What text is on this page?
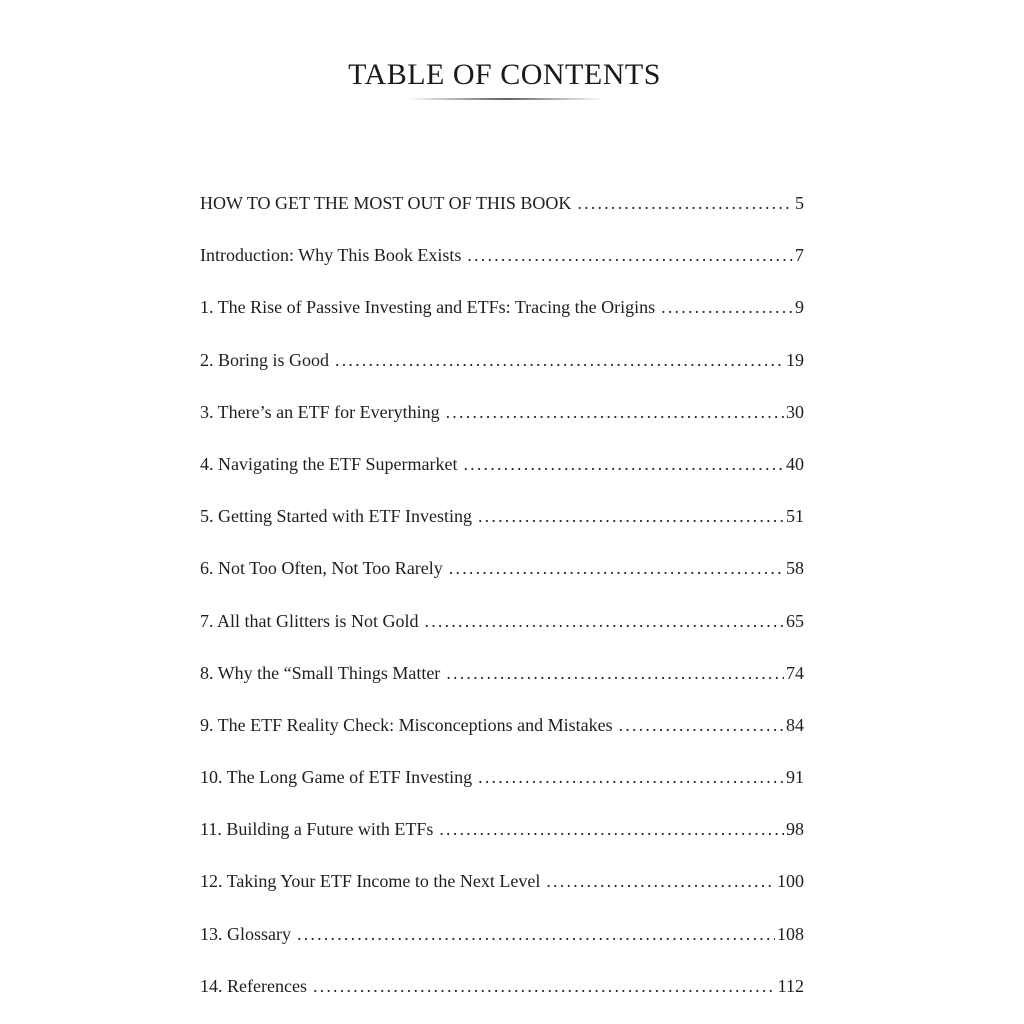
TABLE OF CONTENTS
HOW TO GET THE MOST OUT OF THIS BOOK .....	5
Introduction: Why This Book Exists .....	7
1. The Rise of Passive Investing and ETFs: Tracing the Origins .....	9
2. Boring is Good .....	19
3. There’s an ETF for Everything .....	30
4. Navigating the ETF Supermarket .....	40
5. Getting Started with ETF Investing .....	51
6. Not Too Often, Not Too Rarely .....	58
7. All that Glitters is Not Gold .....	65
8. Why the “Small Things Matter .....	74
9. The ETF Reality Check: Misconceptions and Mistakes .....	84
10. The Long Game of ETF Investing .....	91
11. Building a Future with ETFs .....	98
12. Taking Your ETF Income to the Next Level .....	100
13. Glossary .....	108
14. References .....	112
